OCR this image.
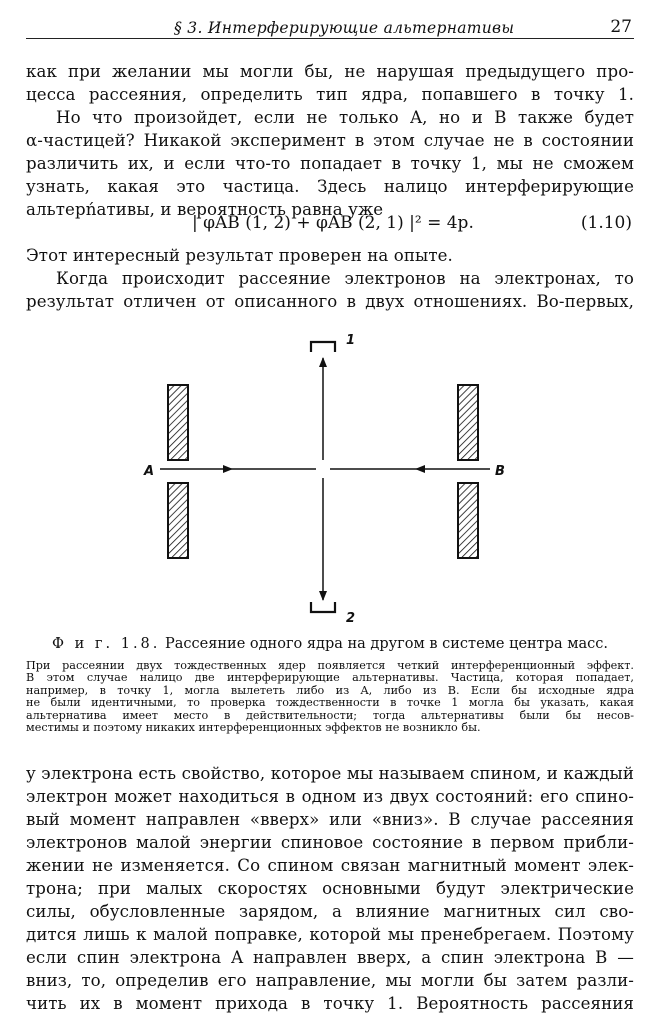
§ 3. Интерферирующие альтернативы	27
как при желании мы могли бы, не нарушая предыдущего про-
цесса рассеяния, определить тип ядра, попавшего в точку 1.
Но что произойдет, если не только A, но и B также будет
α-частицей? Никакой эксперимент в этом случае не в состоянии
различить их, и если что-то попадает в точку 1, мы не сможем
узнать, какая это частица. Здесь налицо интерферирующие
альтерńативы, и вероятность равна уже
| φAB (1, 2) + φAB (2, 1) |² = 4p.	(1.10)
Этот интересный результат проверен на опыте.
Когда происходит рассеяние электронов на электронах, то
результат отличен от описанного в двух отношениях. Во-первых,
A	B
1
2
Ф и г. 1.8. Рассеяние одного ядра на другом в системе центра масс.
При рассеянии двух тождественных ядер появляется четкий интерференционный эффект.
В этом случае налицо две интерферирующие альтернативы. Частица, которая попадает,
например, в точку 1, могла вылететь либо из A, либо из B. Если бы исходные ядра
не были идентичными, то проверка тождественности в точке 1 могла бы указать, какая
альтернатива имеет место в действительности; тогда альтернативы были бы несов-
местимы и поэтому никаких интерференционных эффектов не возникло бы.
у электрона есть свойство, которое мы называем спином, и каждый
электрон может находиться в одном из двух состояний: его спино-
вый момент направлен «вверх» или «вниз». В случае рассеяния
электронов малой энергии спиновое состояние в первом прибли-
жении не изменяется. Со спином связан магнитный момент элек-
трона; при малых скоростях основными будут электрические
силы, обусловленные зарядом, а влияние магнитных сил сво-
дится лишь к малой поправке, которой мы пренебрегаем. Поэтому
если спин электрона A направлен вверх, а спин электрона B —
вниз, то, определив его направление, мы могли бы затем разли-
чить их в момент прихода в точку 1. Вероятность рассеяния
